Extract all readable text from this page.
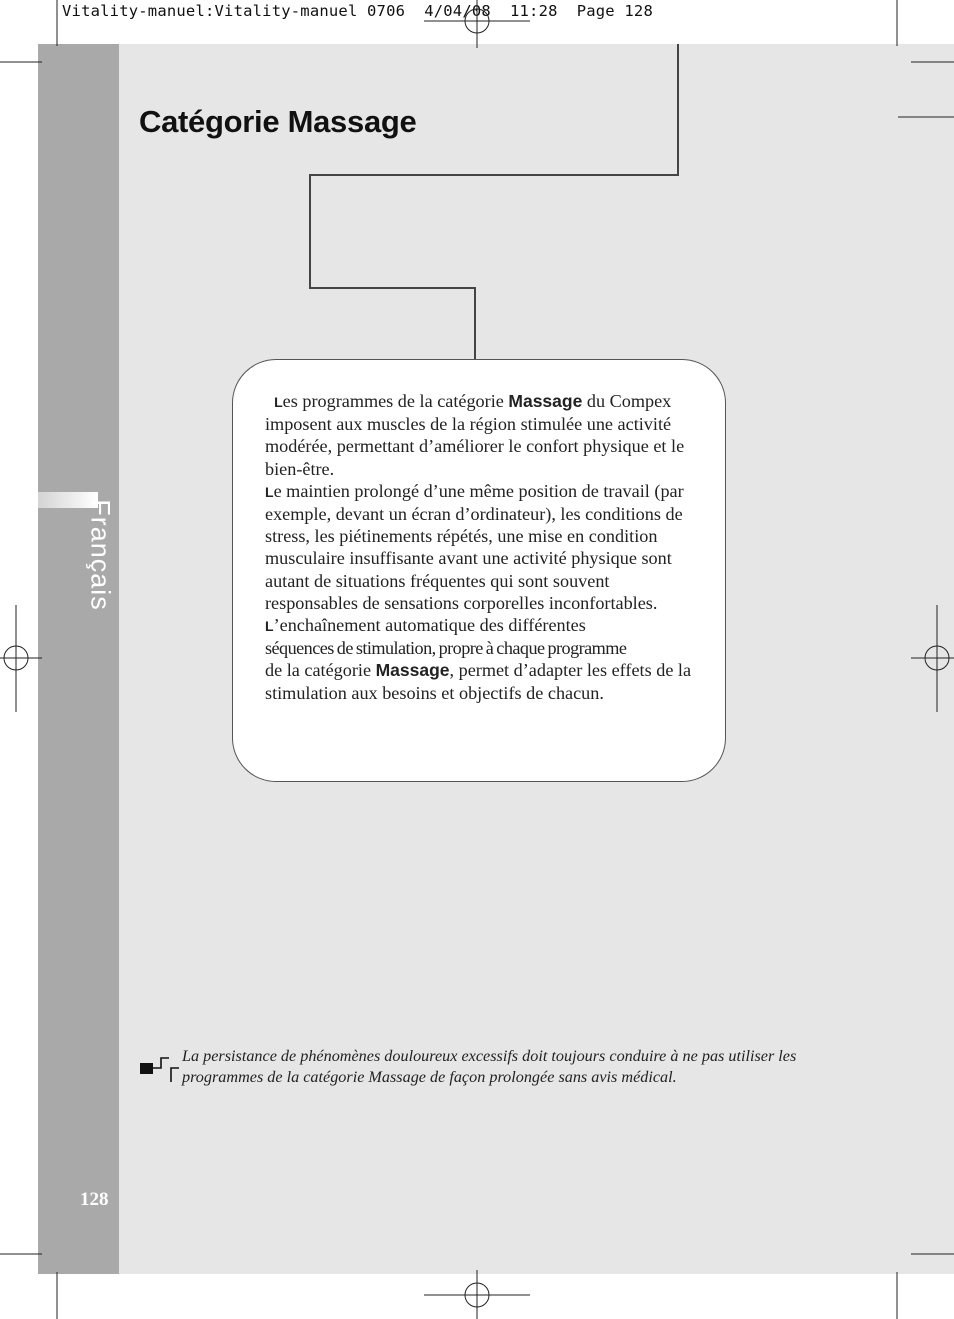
Vitality-manuel:Vitality-manuel 0706  4/04/08  11:28  Page 128
Français
128
Catégorie Massage

 Les programmes de la catégorie Massage du Compex imposent aux muscles de la région stimulée une activité modérée, permettant d’améliorer le confort physique et le bien-être.

Le maintien prolongé d’une même position de travail (par exemple, devant un écran d’ordinateur), les conditions de stress, les piétinements répétés, une mise en condition musculaire insuffisante avant une activité physique sont autant de situations fréquentes qui sont souvent responsables de sensations corporelles inconfortables.

L’enchaînement automatique des différentes
séquences de stimulation, propre à chaque programme
de la catégorie Massage, permet d’adapter les effets de la stimulation aux besoins et objectifs de chacun.

La persistance de phénomènes douloureux excessifs doit toujours conduire à ne pas utiliser les programmes de la catégorie Massage de façon prolongée sans avis médical.
